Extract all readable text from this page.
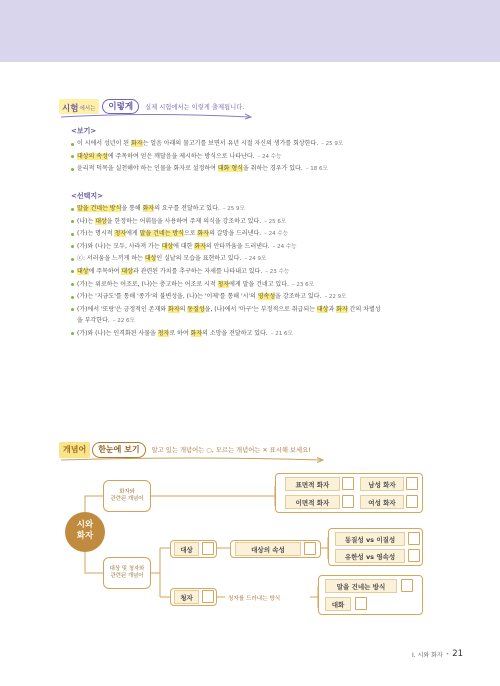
시험 에서는	이렇게	실제 시험에서는 이렇게 출제됩니다.
<보기>
이 시에서 성년이 된 화자는 얼음 아래의 물고기를 보면서 유년 시절 자신의 생가를 회상한다. – 25 9모
대상의 속성에 주목하여 얻은 깨달음을 제시하는 방식으로 나타난다. – 24 수능
윤리적 덕목을 실천해야 하는 인물을 화자로 설정하여 대화 형식을 취하는 경우가 있다. – 18 6모
<선택지>
말을 건네는 방식을 통해 화자의 요구를 전달하고 있다. – 25 9모
(나)는 대상을 한정하는 어휘들을 사용하여 주제 의식을 강조하고 있다. – 25 6모
(가)는 명시적 청자에게 말을 건네는 방식으로 화자의 갈망을 드러낸다. – 24 수능
(가)와 (나)는 모두, 사라져 가는 대상에 대한 화자의 안타까움을 드러낸다. – 24 수능
ⓒ: 서러움을 느끼게 하는 대상인 실낱의 모습을 표현하고 있다. – 24 9모
대상에 주목하여 대상과 관련된 가치를 추구하는 자세를 나타내고 있다. – 23 수능
(가)는 위로하는 어조로, (나)는 충고하는 어조로 시적 청자에게 말을 건네고 있다. – 23 6모
(가)는 '지금도'를 통해 '종가'의 불변성을, (나)는 '이제'를 통해 '시'의 영속성을 강조하고 있다. – 22 9모
(가)에서 '또랑'은 긍정적인 존재와 화자의 동질성을, (나)에서 '마구'는 부정적으로 취급되는 대상과 화자 간의 차별성
을 부각한다. – 22 6모
(가)와 (나)는 인격화된 사물을 청자로 하여 화자의 소망을 전달하고 있다. – 21 6모
개념어	한눈에 보기	알고 있는 개념어는 ○, 모르는 개념어는 ✕ 표시해 보세요!
시와
화자
화자와
관련된 개념어
대상 및 청자와
관련된 개념어
표면적 화자	남성 화자
이면적 화자	여성 화자
대상	대상의 속성
동질성 vs 이질성
유한성 vs 영속성
청자	청자를 드러내는 방식
말을 건네는 방식
대화
I. 시와 화자 • 21
